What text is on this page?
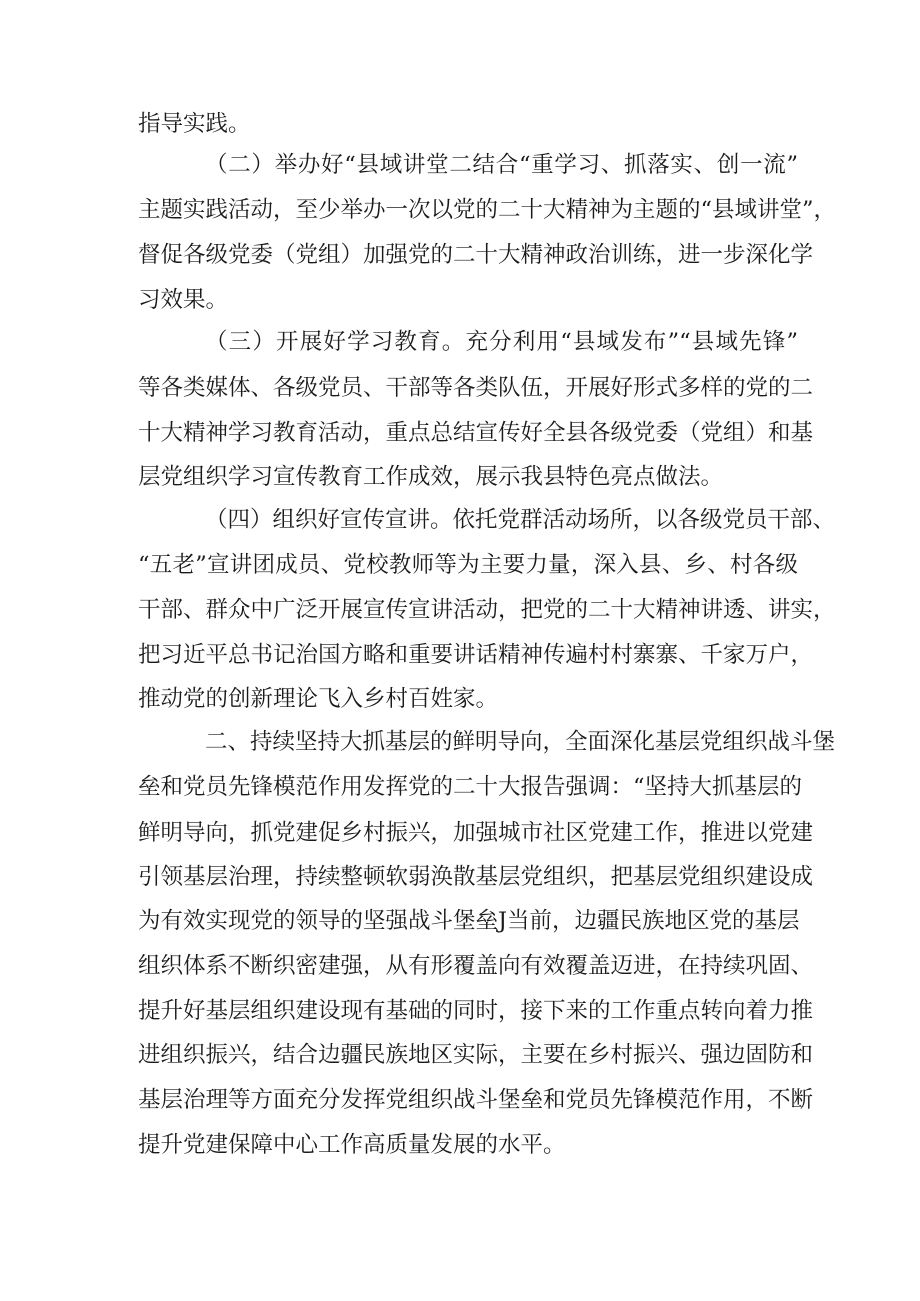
指导实践。

（二）举办好“县域讲堂二结合“重学习、抓落实、创一流”

主题实践活动，至少举办一次以党的二十大精神为主题的“县域讲堂”，

督促各级党委（党组）加强党的二十大精神政治训练，进一步深化学

习效果。

（三）开展好学习教育。充分利用“县域发布”“县域先锋”

等各类媒体、各级党员、干部等各类队伍，开展好形式多样的党的二

十大精神学习教育活动，重点总结宣传好全县各级党委（党组）和基

层党组织学习宣传教育工作成效，展示我县特色亮点做法。

（四）组织好宣传宣讲。依托党群活动场所，以各级党员干部、

“五老”宣讲团成员、党校教师等为主要力量，深入县、乡、村各级

干部、群众中广泛开展宣传宣讲活动，把党的二十大精神讲透、讲实，

把习近平总书记治国方略和重要讲话精神传遍村村寨寨、千家万户，

推动党的创新理论飞入乡村百姓家。

二、持续坚持大抓基层的鲜明导向，全面深化基层党组织战斗堡

垒和党员先锋模范作用发挥党的二十大报告强调：“坚持大抓基层的

鲜明导向，抓党建促乡村振兴，加强城市社区党建工作，推进以党建

引领基层治理，持续整顿软弱涣散基层党组织，把基层党组织建设成

为有效实现党的领导的坚强战斗堡垒J当前，边疆民族地区党的基层

组织体系不断织密建强，从有形覆盖向有效覆盖迈进，在持续巩固、

提升好基层组织建设现有基础的同时，接下来的工作重点转向着力推

进组织振兴，结合边疆民族地区实际，主要在乡村振兴、强边固防和

基层治理等方面充分发挥党组织战斗堡垒和党员先锋模范作用，不断

提升党建保障中心工作高质量发展的水平。
